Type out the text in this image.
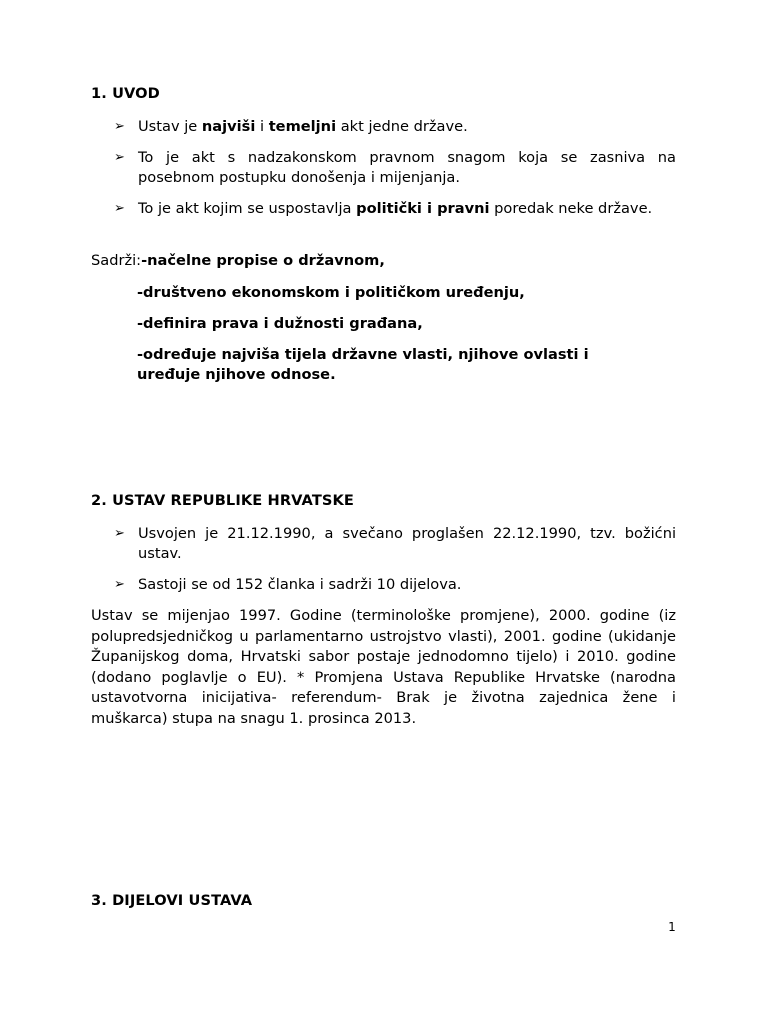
1. UVOD
➢ Ustav je najviši i temeljni akt jedne države.
➢ To je akt s nadzakonskom pravnom snagom koja se zasniva na posebnom postupku donošenja i mijenjanja.
➢ To je akt kojim se uspostavlja politički i pravni poredak neke države.
Sadrži:-načelne propise o državnom,
-društveno ekonomskom i političkom uređenju,
-definira prava i dužnosti građana,
-određuje najviša tijela državne vlasti, njihove ovlasti i uređuje njihove odnose.
2. USTAV REPUBLIKE HRVATSKE
➢ Usvojen je 21.12.1990, a svečano proglašen 22.12.1990, tzv. božićni ustav.
➢ Sastoji se od 152 članka i sadrži 10 dijelova.
Ustav se mijenjao 1997. Godine (terminološke promjene), 2000. godine (iz polupredsjedničkog u parlamentarno ustrojstvo vlasti), 2001. godine (ukidanje Županijskog doma, Hrvatski sabor postaje jednodomno tijelo) i 2010. godine (dodano poglavlje o EU). * Promjena Ustava Republike Hrvatske (narodna ustavotvorna inicijativa- referendum- Brak je životna zajednica žene i muškarca) stupa na snagu 1. prosinca 2013.
3. DIJELOVI USTAVA
1
